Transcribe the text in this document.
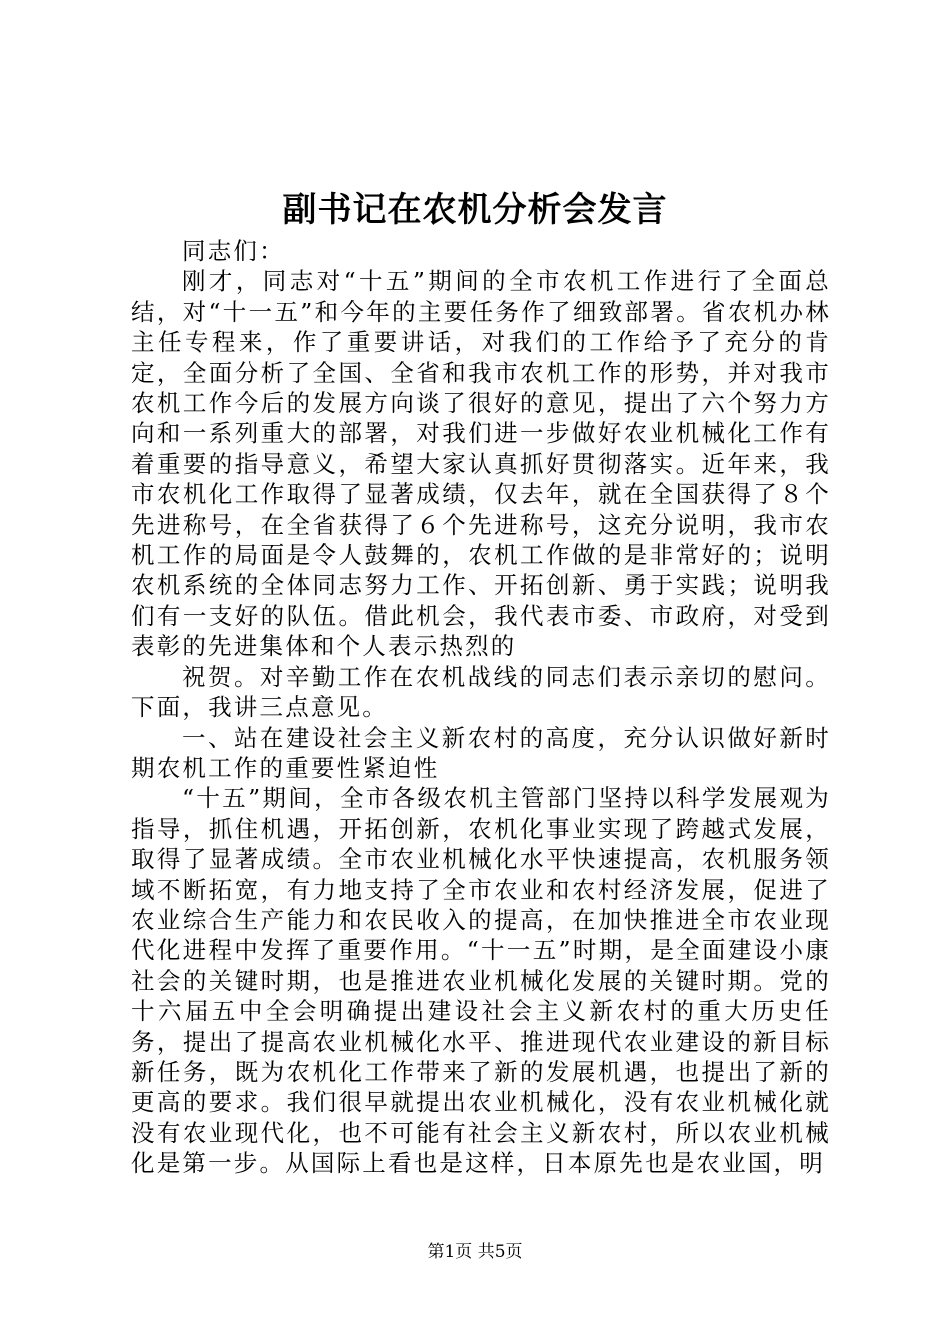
副书记在农机分析会发言

同志们：

刚才，同志对“十五”期间的全市农机工作进行了全面总结，对“十一五”和今年的主要任务作了细致部署。省农机办林主任专程来，作了重要讲话，对我们的工作给予了充分的肯定，全面分析了全国、全省和我市农机工作的形势，并对我市农机工作今后的发展方向谈了很好的意见，提出了六个努力方向和一系列重大的部署，对我们进一步做好农业机械化工作有着重要的指导意义，希望大家认真抓好贯彻落实。近年来，我市农机化工作取得了显著成绩，仅去年，就在全国获得了８个先进称号，在全省获得了６个先进称号，这充分说明，我市农机工作的局面是令人鼓舞的，农机工作做的是非常好的；说明农机系统的全体同志努力工作、开拓创新、勇于实践；说明我们有一支好的队伍。借此机会，我代表市委、市政府，对受到表彰的先进集体和个人表示热烈的

祝贺。对辛勤工作在农机战线的同志们表示亲切的慰问。下面，我讲三点意见。

一、站在建设社会主义新农村的高度，充分认识做好新时期农机工作的重要性紧迫性

“十五”期间，全市各级农机主管部门坚持以科学发展观为指导，抓住机遇，开拓创新，农机化事业实现了跨越式发展，取得了显著成绩。全市农业机械化水平快速提高，农机服务领域不断拓宽，有力地支持了全市农业和农村经济发展，促进了农业综合生产能力和农民收入的提高，在加快推进全市农业现代化进程中发挥了重要作用。“十一五”时期，是全面建设小康社会的关键时期，也是推进农业机械化发展的关键时期。党的十六届五中全会明确提出建设社会主义新农村的重大历史任务，提出了提高农业机械化水平、推进现代农业建设的新目标新任务，既为农机化工作带来了新的发展机遇，也提出了新的更高的要求。我们很早就提出农业机械化，没有农业机械化就没有农业现代化，也不可能有社会主义新农村，所以农业机械化是第一步。从国际上看也是这样，日本原先也是农业国，明

第1页 共5页
